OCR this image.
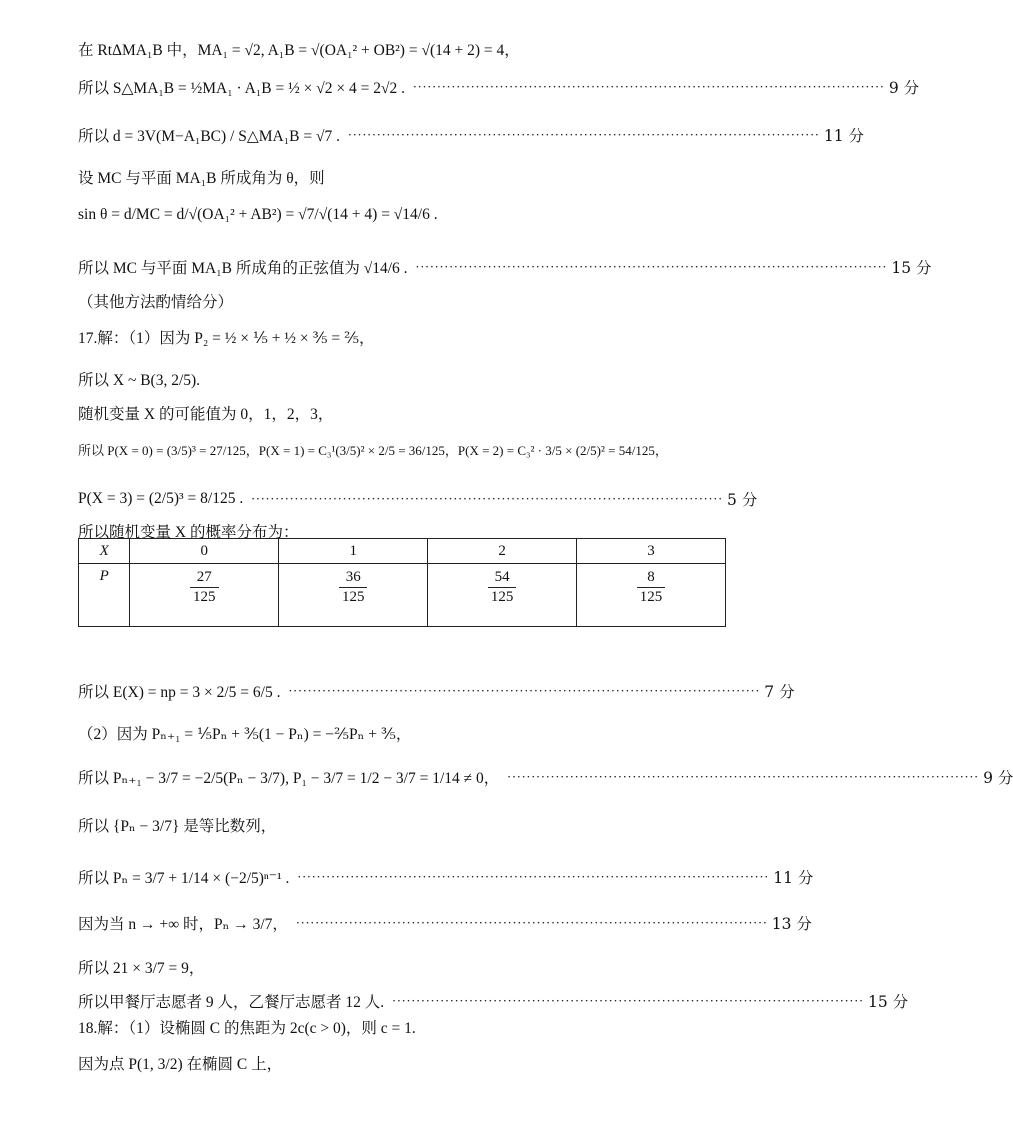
在 RtΔMA₁B 中，MA₁ = √2, A₁B = √(OA₁² + OB²) = √(14 + 2) = 4，
所以 S△MA₁B = ½MA₁ · A₁B = ½ × √2 × 4 = 2√2 . ·································································································· 9 分
所以 d = 3V(M−A₁BC) / S△MA₁B = √7 . ·································································································· 11 分
设 MC 与平面 MA₁B 所成角为 θ，则
sin θ = d/MC = d/√(OA₁² + AB²) = √7/√(14 + 4) = √14/6 .
所以 MC 与平面 MA₁B 所成角的正弦值为 √14/6 . ·································································································· 15 分
（其他方法酌情给分）
17.解：（1）因为 P₂ = ½ × ⅕ + ½ × ⅗ = ⅖，
所以 X ~ B(3, 2/5).
随机变量 X 的可能值为 0，1，2，3，
所以 P(X = 0) = (3/5)³ = 27/125，P(X = 1) = C₃¹(3/5)² × 2/5 = 36/125，P(X = 2) = C₃² · 3/5 × (2/5)² = 54/125，
P(X = 3) = (2/5)³ = 8/125 . ·································································································· 5 分
所以随机变量 X 的概率分布为：
X	0	1	2	3
P	$\frac{27}{125}$	$\frac{36}{125}$	$\frac{54}{125}$	$\frac{8}{125}$
所以 E(X) = np = 3 × 2/5 = 6/5 . ·································································································· 7 分
（2）因为 Pₙ₊₁ = ⅕Pₙ + ⅗(1 − Pₙ) = −⅖Pₙ + ⅗，
所以 Pₙ₊₁ − 3/7 = −2/5(Pₙ − 3/7), P₁ − 3/7 = 1/2 − 3/7 = 1/14 ≠ 0， ·································································································· 9 分
所以 {Pₙ − 3/7} 是等比数列，
所以 Pₙ = 3/7 + 1/14 × (−2/5)ⁿ⁻¹ . ·································································································· 11 分
因为当 n → +∞ 时，Pₙ → 3/7， ·································································································· 13 分
所以 21 × 3/7 = 9，
所以甲餐厅志愿者 9 人，乙餐厅志愿者 12 人. ·································································································· 15 分
18.解：（1）设椭圆 C 的焦距为 2c(c > 0)，则 c = 1.
因为点 P(1, 3/2) 在椭圆 C 上，
